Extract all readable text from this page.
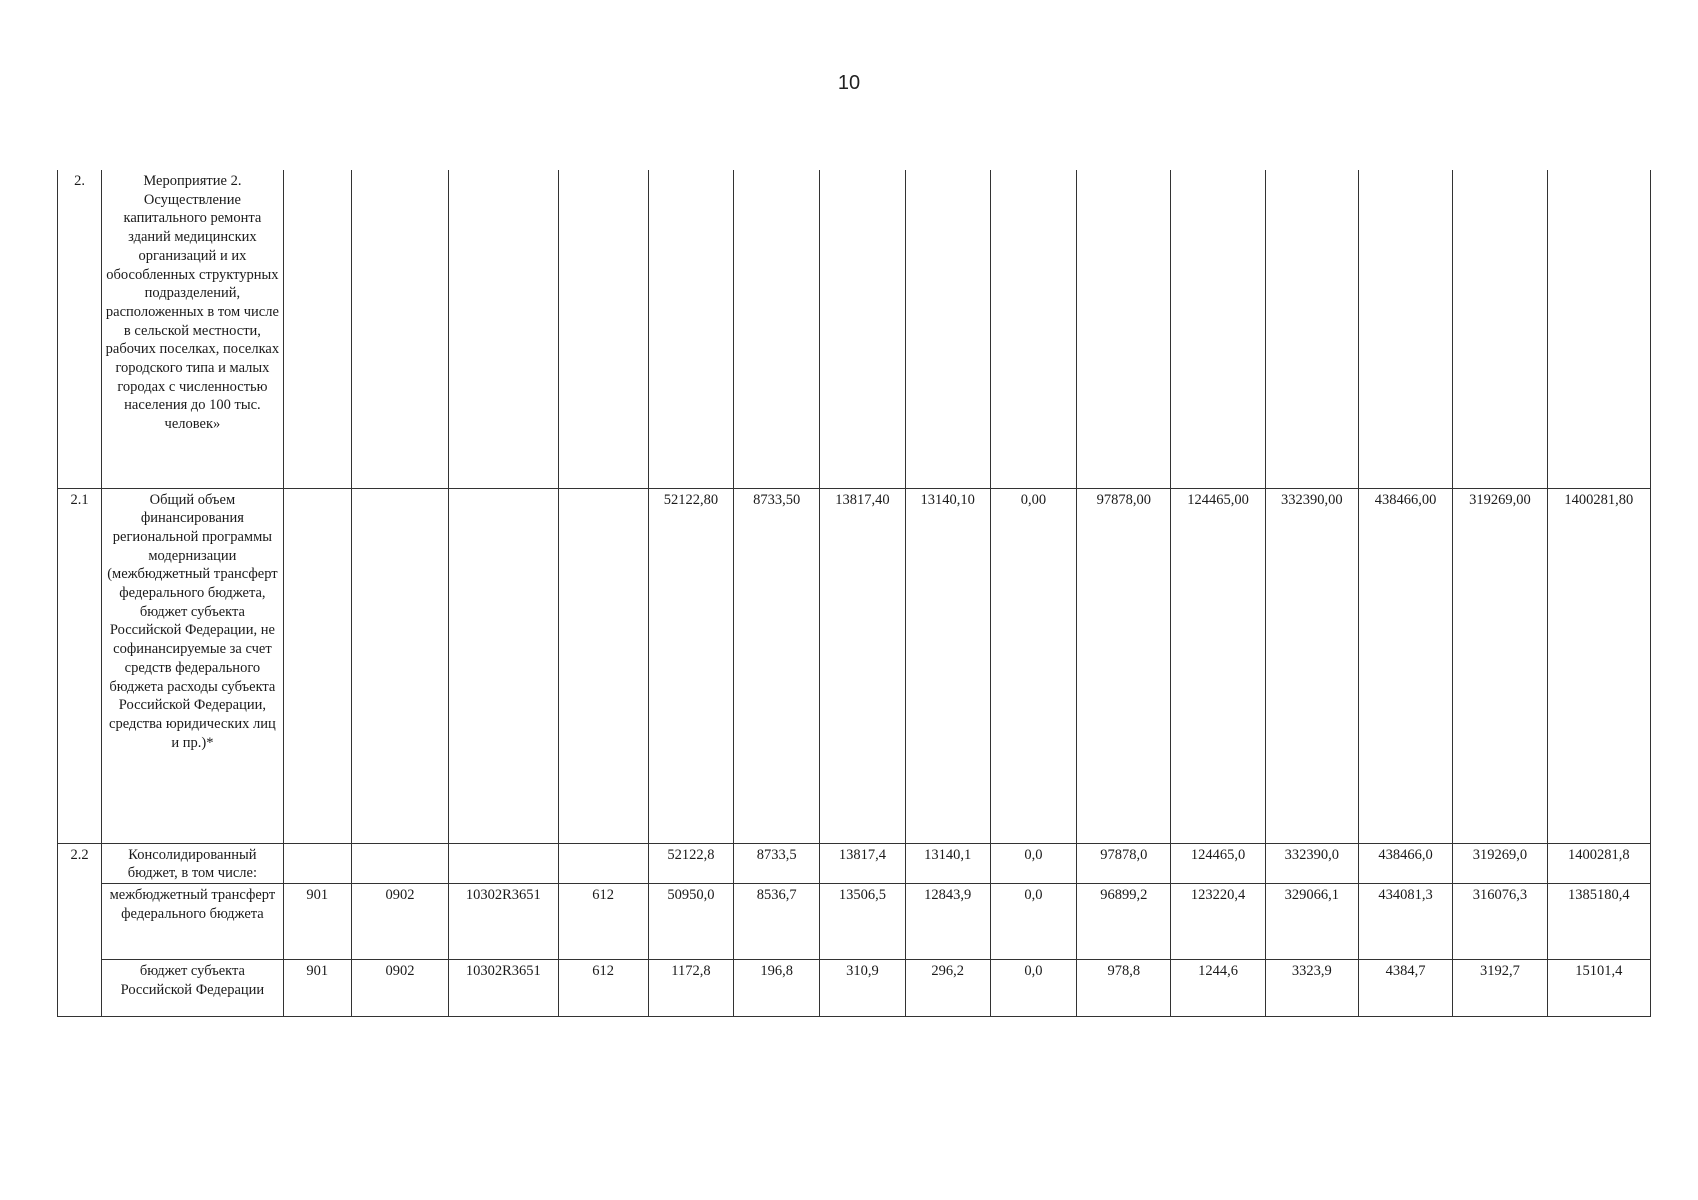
10
2.	Мероприятие 2. Осуществление капитального ремонта зданий медицинских организаций и их обособленных структурных подразделений, расположенных в том числе в сельской местности, рабочих поселках, поселках городского типа и малых городах с численностью населения до 100 тыс. человек»															
2.1	Общий объем финансирования региональной программы модернизации (межбюджетный трансферт федерального бюджета, бюджет субъекта Российской Федерации, не софинансируемые за счет средств федерального бюджета расходы субъекта Российской Федерации, средства юридических лиц и пр.)*					52122,80	8733,50	13817,40	13140,10	0,00	97878,00	124465,00	332390,00	438466,00	319269,00	1400281,80
2.2	Консолидированный бюджет, в том числе:					52122,8	8733,5	13817,4	13140,1	0,0	97878,0	124465,0	332390,0	438466,0	319269,0	1400281,8
	межбюджетный трансферт федерального бюджета	901	0902	10302R3651	612	50950,0	8536,7	13506,5	12843,9	0,0	96899,2	123220,4	329066,1	434081,3	316076,3	1385180,4
	бюджет субъекта Российской Федерации	901	0902	10302R3651	612	1172,8	196,8	310,9	296,2	0,0	978,8	1244,6	3323,9	4384,7	3192,7	15101,4
